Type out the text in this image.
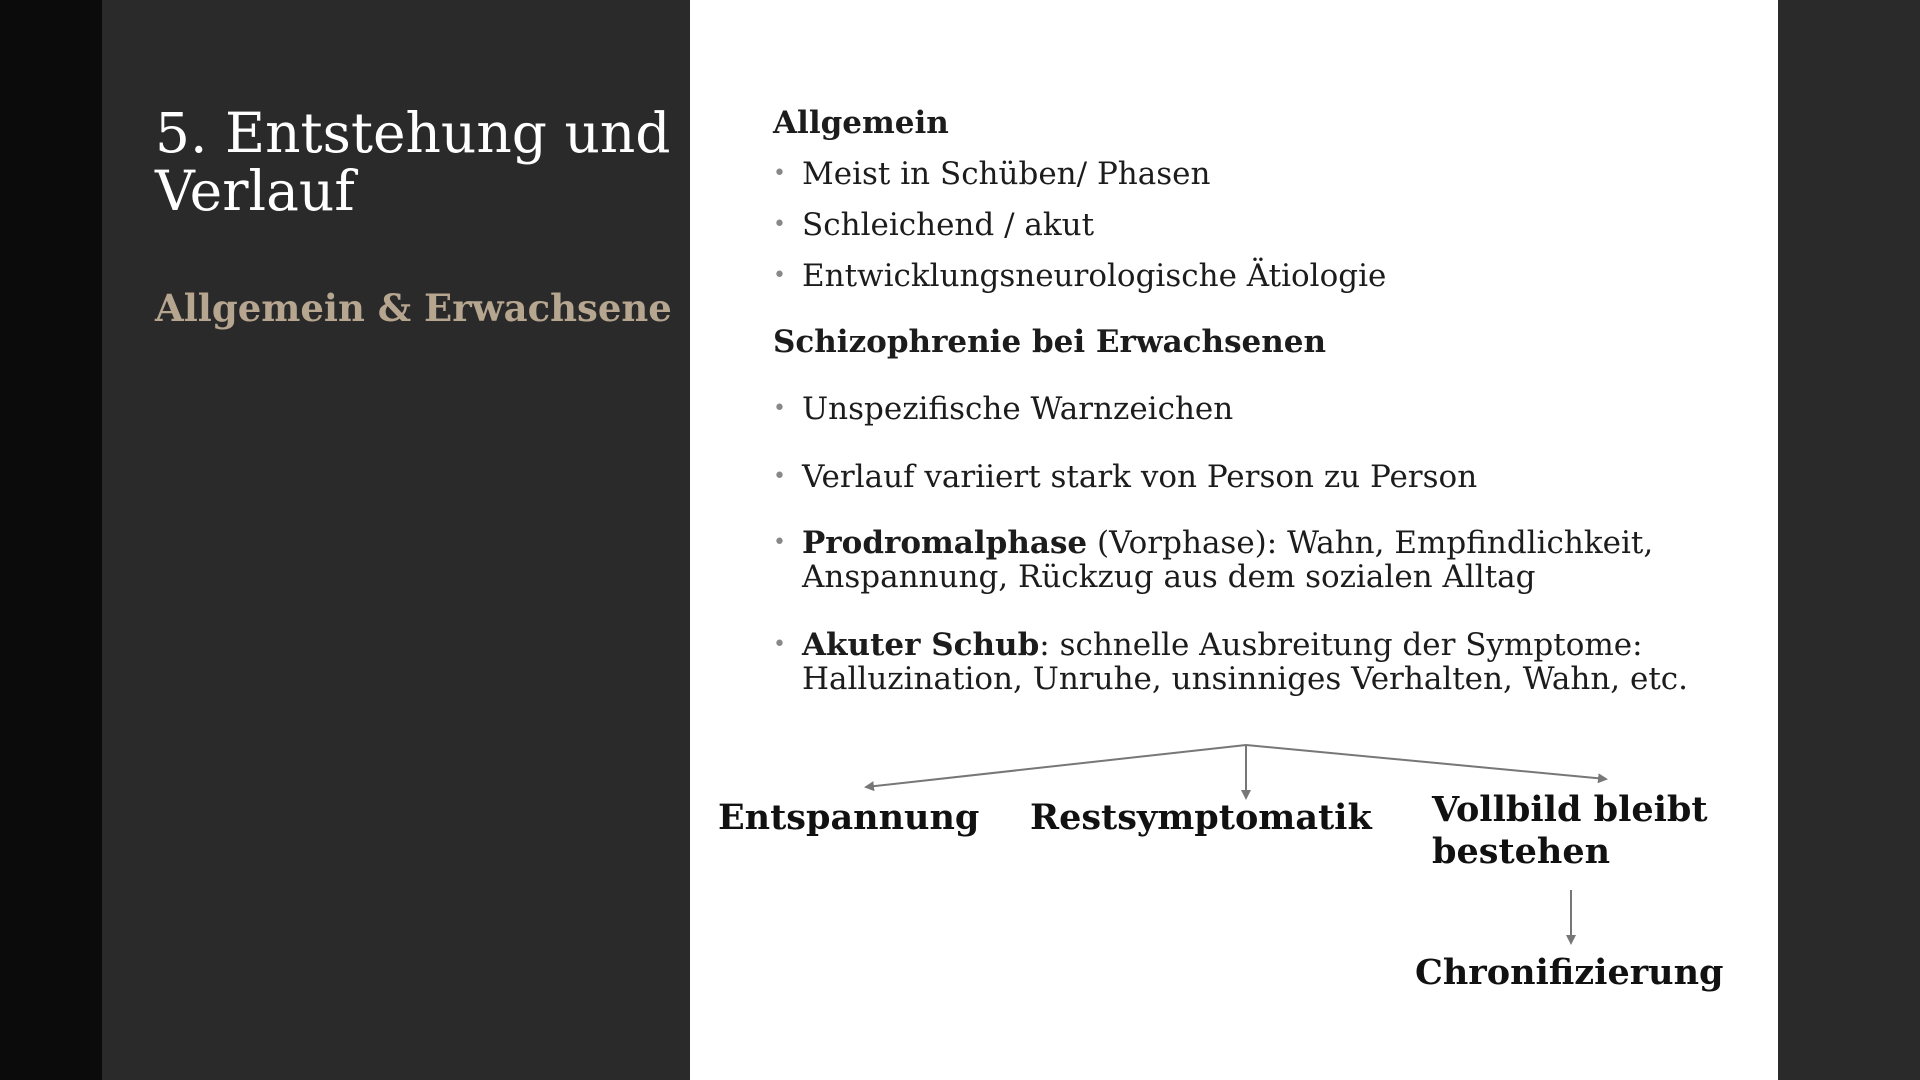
5. Entstehung und Verlauf
Allgemein & Erwachsene
Allgemein
• Meist in Schüben/ Phasen
• Schleichend / akut
• Entwicklungsneurologische Ätiologie
Schizophrenie bei Erwachsenen
• Unspezifische Warnzeichen
• Verlauf variiert stark von Person zu Person
• Prodromalphase (Vorphase): Wahn, Empfindlichkeit, Anspannung, Rückzug aus dem sozialen Alltag
• Akuter Schub: schnelle Ausbreitung der Symptome: Halluzination, Unruhe, unsinniges Verhalten, Wahn, etc.
Entspannung Restsymptomatik Vollbild bleibt bestehen
Chronifizierung
